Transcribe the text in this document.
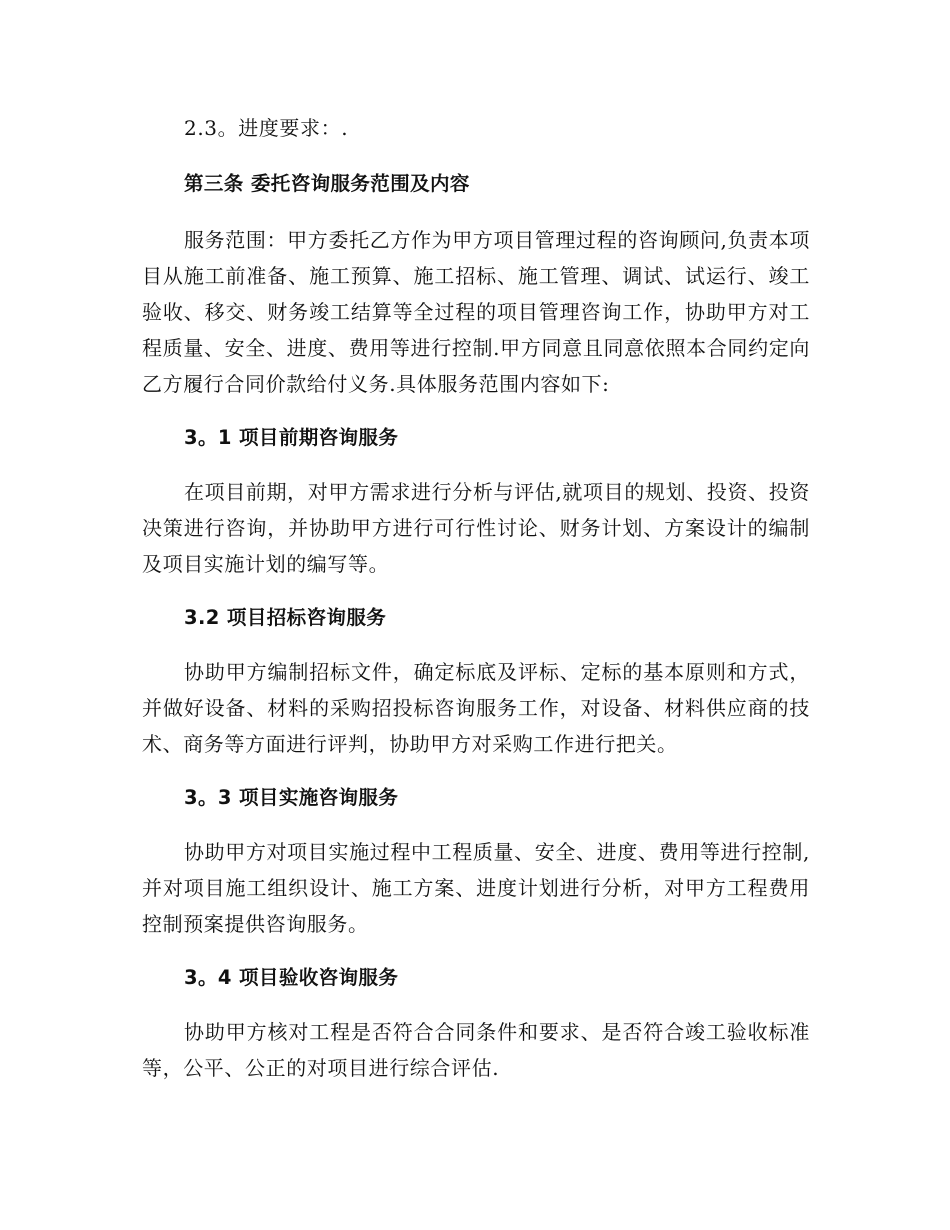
2.3。进度要求：.

第三条 委托咨询服务范围及内容

服务范围：甲方委托乙方作为甲方项目管理过程的咨询顾问,负责本项目从施工前准备、施工预算、施工招标、施工管理、调试、试运行、竣工验收、移交、财务竣工结算等全过程的项目管理咨询工作，协助甲方对工程质量、安全、进度、费用等进行控制.甲方同意且同意依照本合同约定向乙方履行合同价款给付义务.具体服务范围内容如下:

3。1 项目前期咨询服务

在项目前期，对甲方需求进行分析与评估,就项目的规划、投资、投资决策进行咨询，并协助甲方进行可行性讨论、财务计划、方案设计的编制及项目实施计划的编写等。

3.2 项目招标咨询服务

协助甲方编制招标文件，确定标底及评标、定标的基本原则和方式，并做好设备、材料的采购招投标咨询服务工作，对设备、材料供应商的技术、商务等方面进行评判，协助甲方对采购工作进行把关。

3。3 项目实施咨询服务

协助甲方对项目实施过程中工程质量、安全、进度、费用等进行控制,并对项目施工组织设计、施工方案、进度计划进行分析，对甲方工程费用控制预案提供咨询服务。

3。4 项目验收咨询服务

协助甲方核对工程是否符合合同条件和要求、是否符合竣工验收标准等，公平、公正的对项目进行综合评估.
